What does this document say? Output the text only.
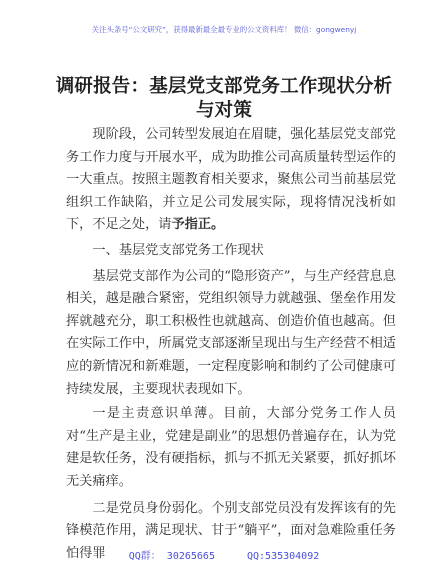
关注头条号“公文研究”，获得最新最全最专业的公文资料库！ 微信：gongwenyj
调研报告：基层党支部党务工作现状分析与对策

现阶段，公司转型发展迫在眉睫，强化基层党支部党务工作力度与开展水平，成为助推公司高质量转型运作的一大重点。按照主题教育相关要求，聚焦公司当前基层党组织工作缺陷，并立足公司发展实际，现将情况浅析如下，不足之处，请予指正。

一、基层党支部党务工作现状

基层党支部作为公司的“隐形资产”，与生产经营息息相关，越是融合紧密，党组织领导力就越强、堡垒作用发挥就越充分，职工积极性也就越高、创造价值也越高。但在实际工作中，所属党支部逐渐呈现出与生产经营不相适应的新情况和新难题，一定程度影响和制约了公司健康可持续发展，主要现状表现如下。

一是主责意识单薄。目前，大部分党务工作人员对“生产是主业，党建是副业”的思想仍普遍存在，认为党建是软任务，没有硬指标，抓与不抓无关紧要，抓好抓坏无关痛痒。

二是党员身份弱化。个别支部党员没有发挥该有的先锋模范作用，满足现状、甘于“躺平”，面对急难险重任务怕得罪	QQ群： 30265665	QQ:535304092
